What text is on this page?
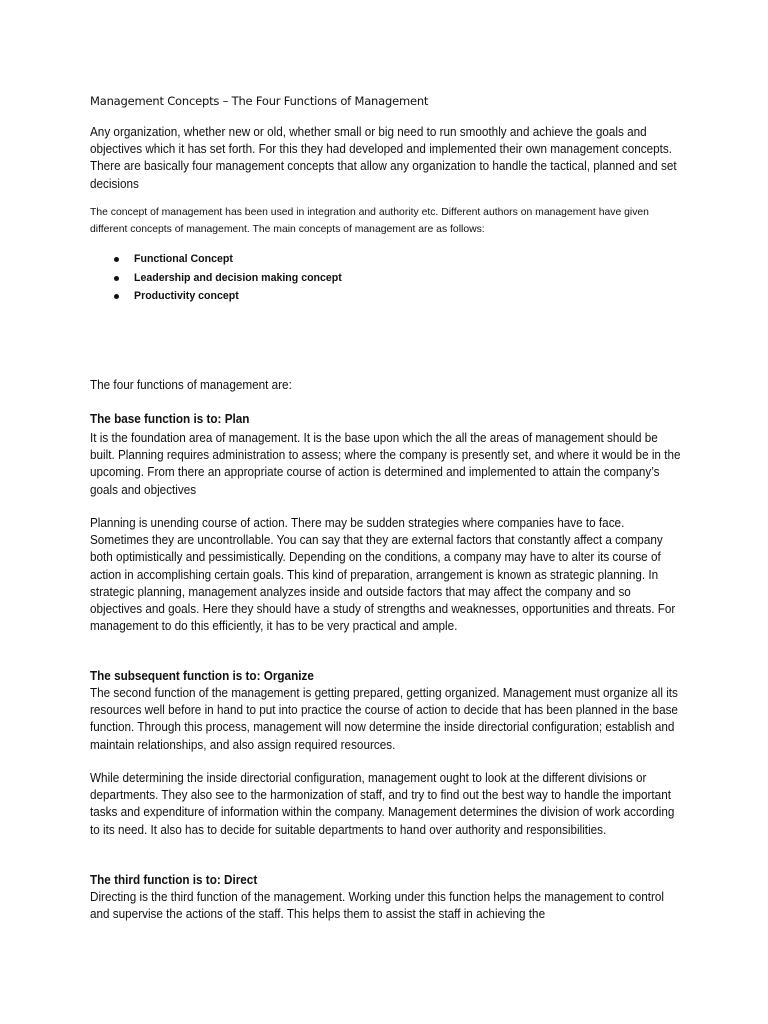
Management Concepts – The Four Functions of Management

Any organization, whether new or old, whether small or big need to run smoothly and achieve the goals and objectives which it has set forth. For this they had developed and implemented their own management concepts. There are basically four management concepts that allow any organization to handle the tactical, planned and set decisions

The concept of management has been used in integration and authority etc. Different authors on management have given different concepts of management. The main concepts of management are as follows:

Functional Concept
Leadership and decision making concept
Productivity concept

The four functions of management are:

The base function is to: Plan

It is the foundation area of management. It is the base upon which the all the areas of management should be built. Planning requires administration to assess; where the company is presently set, and where it would be in the upcoming. From there an appropriate course of action is determined and implemented to attain the company’s goals and objectives

Planning is unending course of action. There may be sudden strategies where companies have to face. Sometimes they are uncontrollable. You can say that they are external factors that constantly affect a company both optimistically and pessimistically. Depending on the conditions, a company may have to alter its course of action in accomplishing certain goals. This kind of preparation, arrangement is known as strategic planning. In strategic planning, management analyzes inside and outside factors that may affect the company and so objectives and goals. Here they should have a study of strengths and weaknesses, opportunities and threats. For management to do this efficiently, it has to be very practical and ample.

The subsequent function is to: Organize

The second function of the management is getting prepared, getting organized. Management must organize all its resources well before in hand to put into practice the course of action to decide that has been planned in the base function. Through this process, management will now determine the inside directorial configuration; establish and maintain relationships, and also assign required resources.

While determining the inside directorial configuration, management ought to look at the different divisions or departments. They also see to the harmonization of staff, and try to find out the best way to handle the important tasks and expenditure of information within the company. Management determines the division of work according to its need. It also has to decide for suitable departments to hand over authority and responsibilities.

The third function is to: Direct

Directing is the third function of the management. Working under this function helps the management to control and supervise the actions of the staff. This helps them to assist the staff in achieving the
